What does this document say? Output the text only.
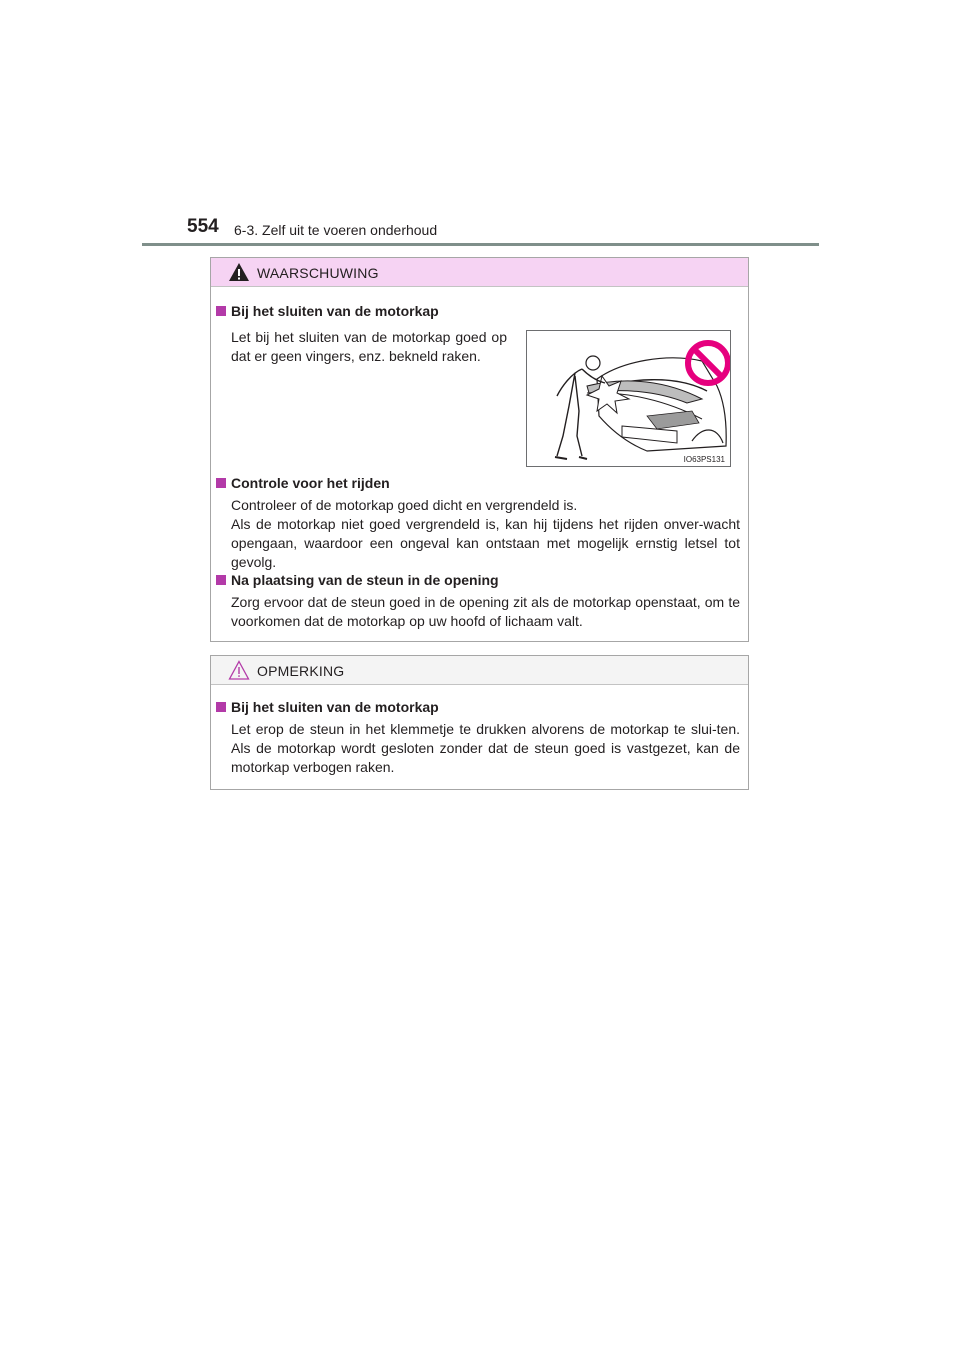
554 6-3. Zelf uit te voeren onderhoud
WAARSCHUWING
Bij het sluiten van de motorkap
Let bij het sluiten van de motorkap goed op dat er geen vingers, enz. bekneld raken.
IO63PS131
Controle voor het rijden
Controleer of de motorkap goed dicht en vergrendeld is.
Als de motorkap niet goed vergrendeld is, kan hij tijdens het rijden onver-wacht opengaan, waardoor een ongeval kan ontstaan met mogelijk ernstig letsel tot gevolg.
Na plaatsing van de steun in de opening
Zorg ervoor dat de steun goed in de opening zit als de motorkap openstaat, om te voorkomen dat de motorkap op uw hoofd of lichaam valt.
OPMERKING
Bij het sluiten van de motorkap
Let erop de steun in het klemmetje te drukken alvorens de motorkap te slui-ten. Als de motorkap wordt gesloten zonder dat de steun goed is vastgezet, kan de motorkap verbogen raken.
